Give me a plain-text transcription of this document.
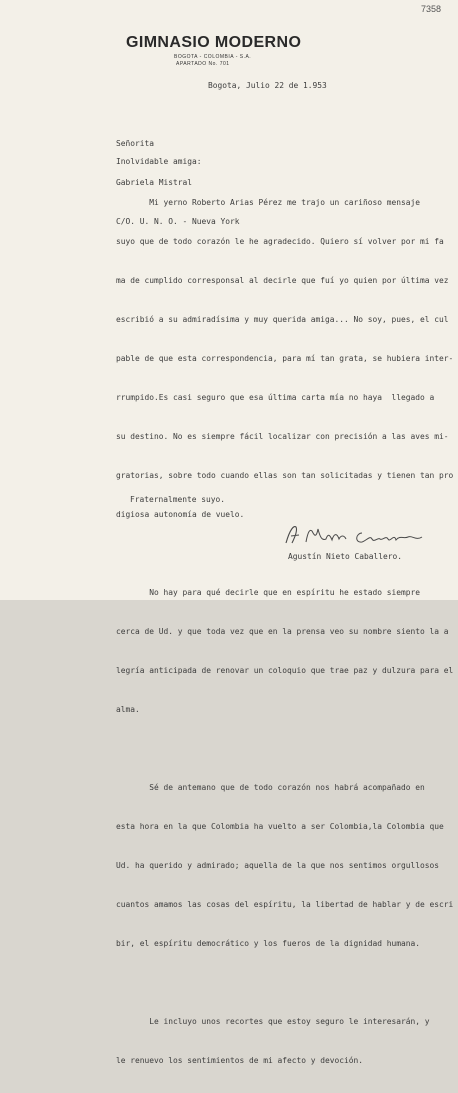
7358
GIMNASIO MODERNO
BOGOTA - COLOMBIA - S.A.
APARTADO No. 701
Bogota, Julio 22 de 1.953

Señorita

Gabriela Mistral

C/O. U. N. O. - Nueva York

Inolvidable amiga:

Mi yerno Roberto Arias Pérez me trajo un cariñoso mensaje

suyo que de todo corazón le he agradecido. Quiero sí volver por mi fa

ma de cumplido corresponsal al decirle que fuí yo quien por última vez

escribió a su admiradísima y muy querida amiga... No soy, pues, el cul

pable de que esta correspondencia, para mí tan grata, se hubiera inter-

rrumpido.Es casi seguro que esa última carta mía no haya  llegado a

su destino. No es siempre fácil localizar con precisión a las aves mi-

gratorias, sobre todo cuando ellas son tan solicitadas y tienen tan pro

digiosa autonomía de vuelo.

No hay para qué decirle que en espíritu he estado siempre

cerca de Ud. y que toda vez que en la prensa veo su nombre siento la a

legría anticipada de renovar un coloquio que trae paz y dulzura para el

alma.

Sé de antemano que de todo corazón nos habrá acompañado en

esta hora en la que Colombia ha vuelto a ser Colombia,la Colombia que

Ud. ha querido y admirado; aquella de la que nos sentimos orgullosos

cuantos amamos las cosas del espíritu, la libertad de hablar y de escri

bir, el espíritu democrático y los fueros de la dignidad humana.

Le incluyo unos recortes que estoy seguro le interesarán, y

le renuevo los sentimientos de mi afecto y devoción.

Fraternalmente suyo.
Agustín Nieto Caballero.
